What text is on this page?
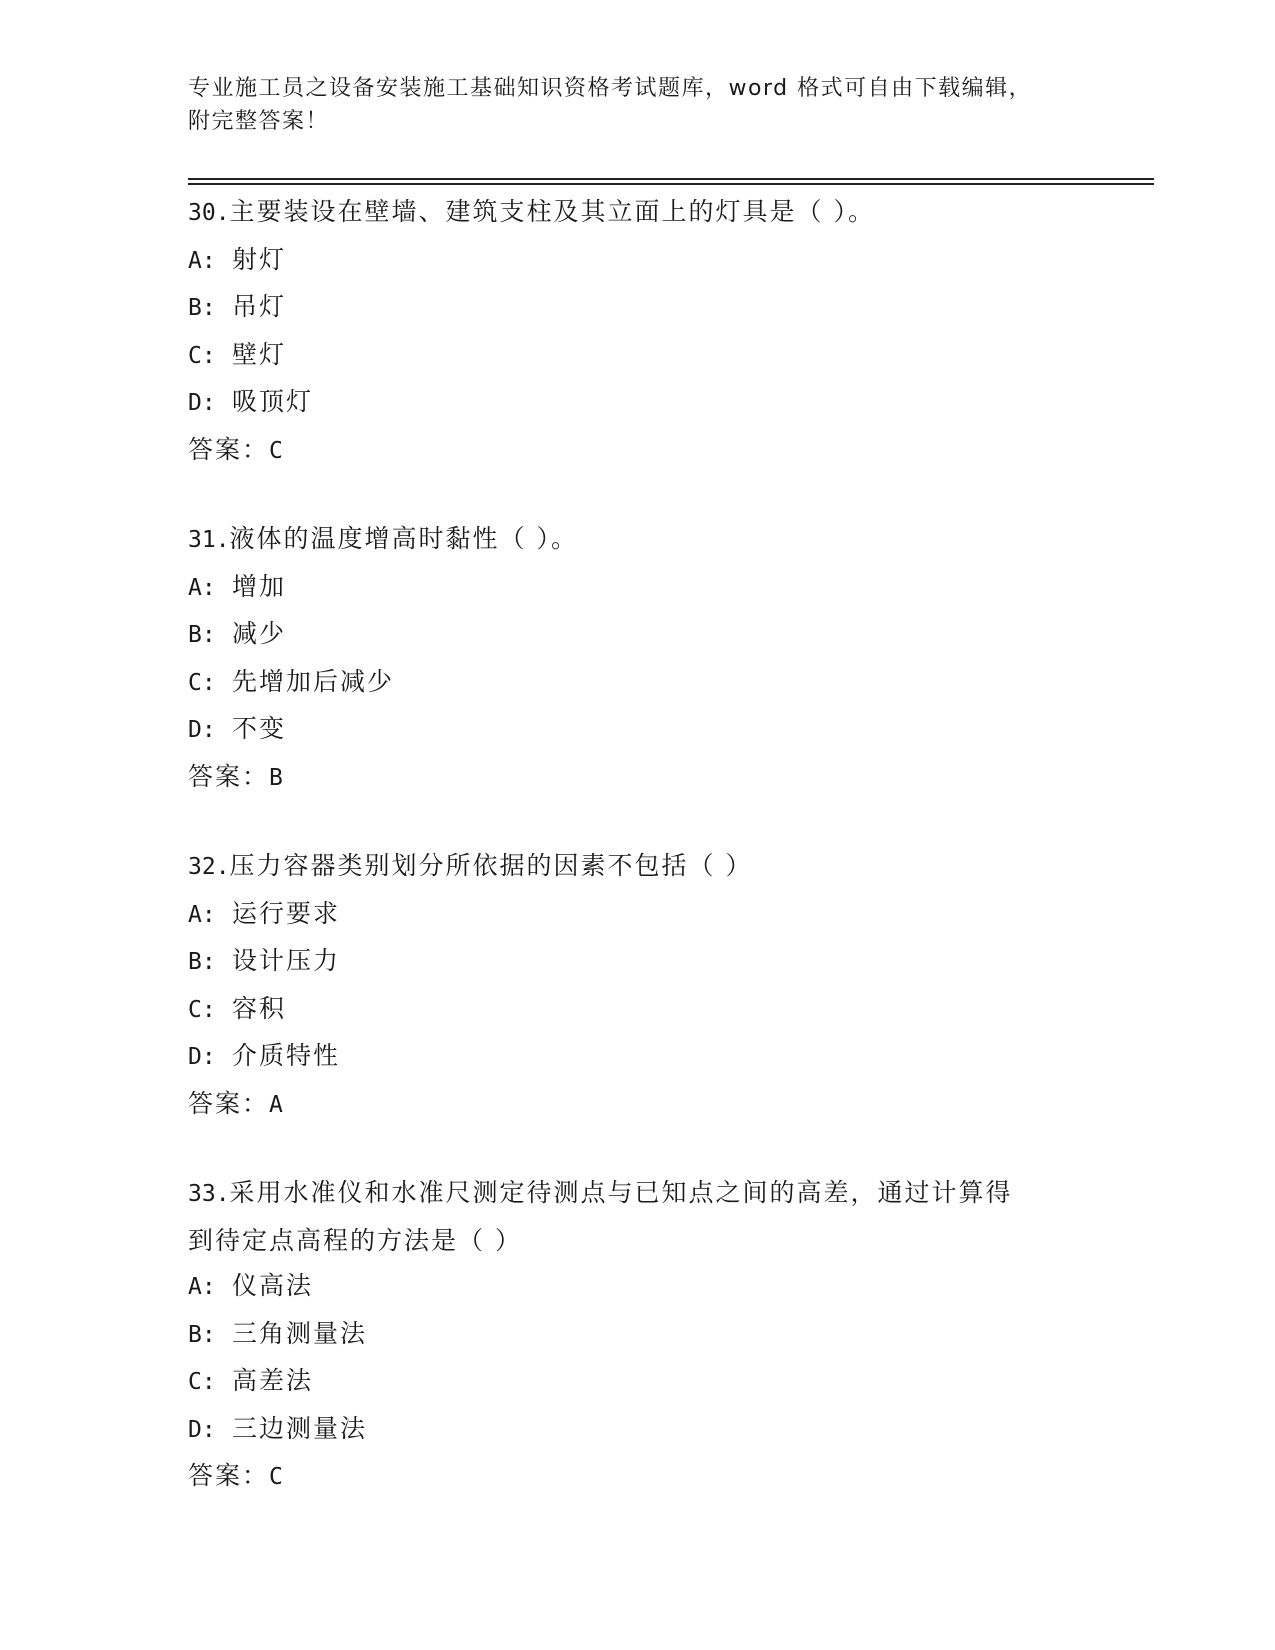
专业施工员之设备安装施工基础知识资格考试题库，word 格式可自由下载编辑，
附完整答案！
30.主要装设在壁墙、建筑支柱及其立面上的灯具是（ ）。
A: 射灯
B: 吊灯
C: 壁灯
D: 吸顶灯
答案：C
31.液体的温度增高时黏性（ ）。
A: 增加
B: 减少
C: 先增加后减少
D: 不变
答案：B
32.压力容器类别划分所依据的因素不包括（ ）
A: 运行要求
B: 设计压力
C: 容积
D: 介质特性
答案：A
33.采用水准仪和水准尺测定待测点与已知点之间的高差，通过计算得
到待定点高程的方法是（ ）
A: 仪高法
B: 三角测量法
C: 高差法
D: 三边测量法
答案：C
